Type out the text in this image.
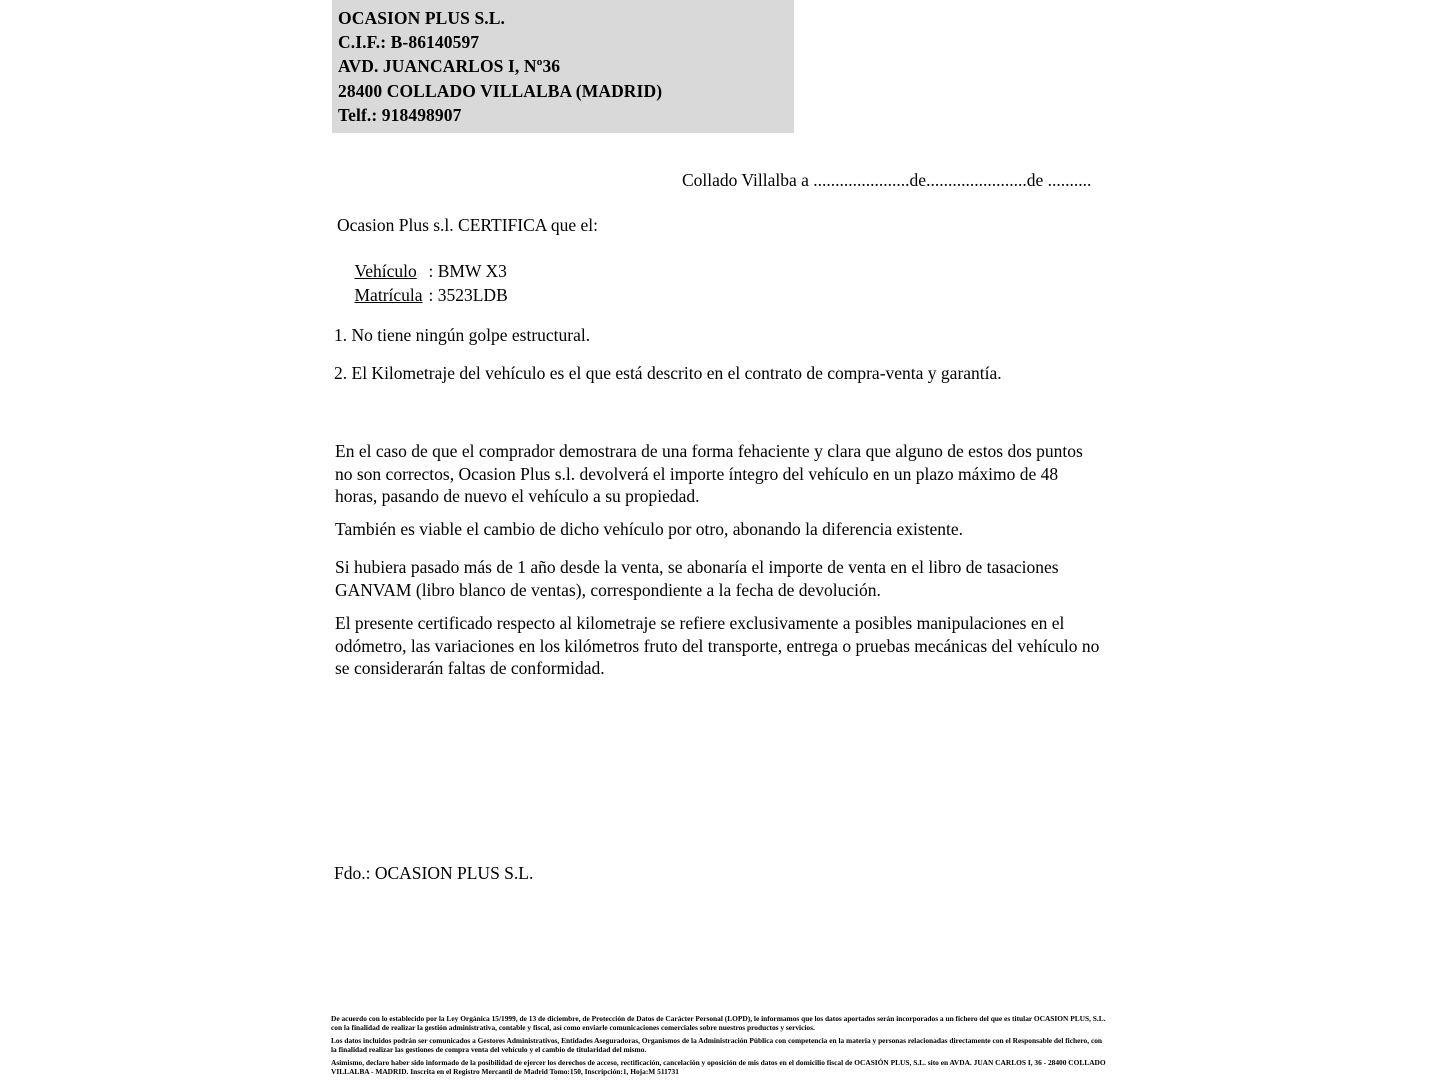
OCASION PLUS S.L.
C.I.F.: B-86140597
AVD. JUANCARLOS I, Nº36
28400 COLLADO VILLALBA (MADRID)
Telf.: 918498907
Collado Villalba a ......................de.......................de ..........
Ocasion Plus s.l. CERTIFICA que el:

Vehículo : BMW X3

Matrícula : 3523LDB

1. No tiene ningún golpe estructural.
2. El Kilometraje del vehículo es el que está descrito en el contrato de compra-venta y garantía.
En el caso de que el comprador demostrara de una forma fehaciente y clara que alguno de estos dos puntos no son correctos, Ocasion Plus s.l. devolverá el importe íntegro del vehículo en un plazo máximo de 48 horas, pasando de nuevo el vehículo a su propiedad.
También es viable el cambio de dicho vehículo por otro, abonando la diferencia existente.
Si hubiera pasado más de 1 año desde la venta, se abonaría el importe de venta en el libro de tasaciones GANVAM (libro blanco de ventas), correspondiente a la fecha de devolución.
El presente certificado respecto al kilometraje se refiere exclusivamente a posibles manipulaciones en el odómetro, las variaciones en los kilómetros fruto del transporte, entrega o pruebas mecánicas del vehículo no se considerarán faltas de conformidad.
Fdo.: OCASION PLUS S.L.

De acuerdo con lo establecido por la Ley Orgánica 15/1999, de 13 de diciembre, de Protección de Datos de Carácter Personal (LOPD), le informamos que los datos aportados serán incorporados a un fichero del que es titular OCASION PLUS, S.L. con la finalidad de realizar la gestión administrativa, contable y fiscal, así como enviarle comunicaciones comerciales sobre nuestros productos y servicios.

Los datos incluidos podrán ser comunicados a Gestores Administrativos, Entidades Aseguradoras, Organismos de la Administración Pública con competencia en la materia y personas relacionadas directamente con el Responsable del fichero, con la finalidad realizar las gestiones de compra venta del vehículo y el cambio de titularidad del mismo.

Asimismo, declaro haber sido informado de la posibilidad de ejercer los derechos de acceso, rectificación, cancelación y oposición de mis datos en el domicilio fiscal de OCASIÓN PLUS, S.L. sito en AVDA. JUAN CARLOS I, 36 - 28400 COLLADO VILLALBA - MADRID. Inscrita en el Registro Mercantil de Madrid Tomo:150, Inscripción:1, Hoja:M 511731
